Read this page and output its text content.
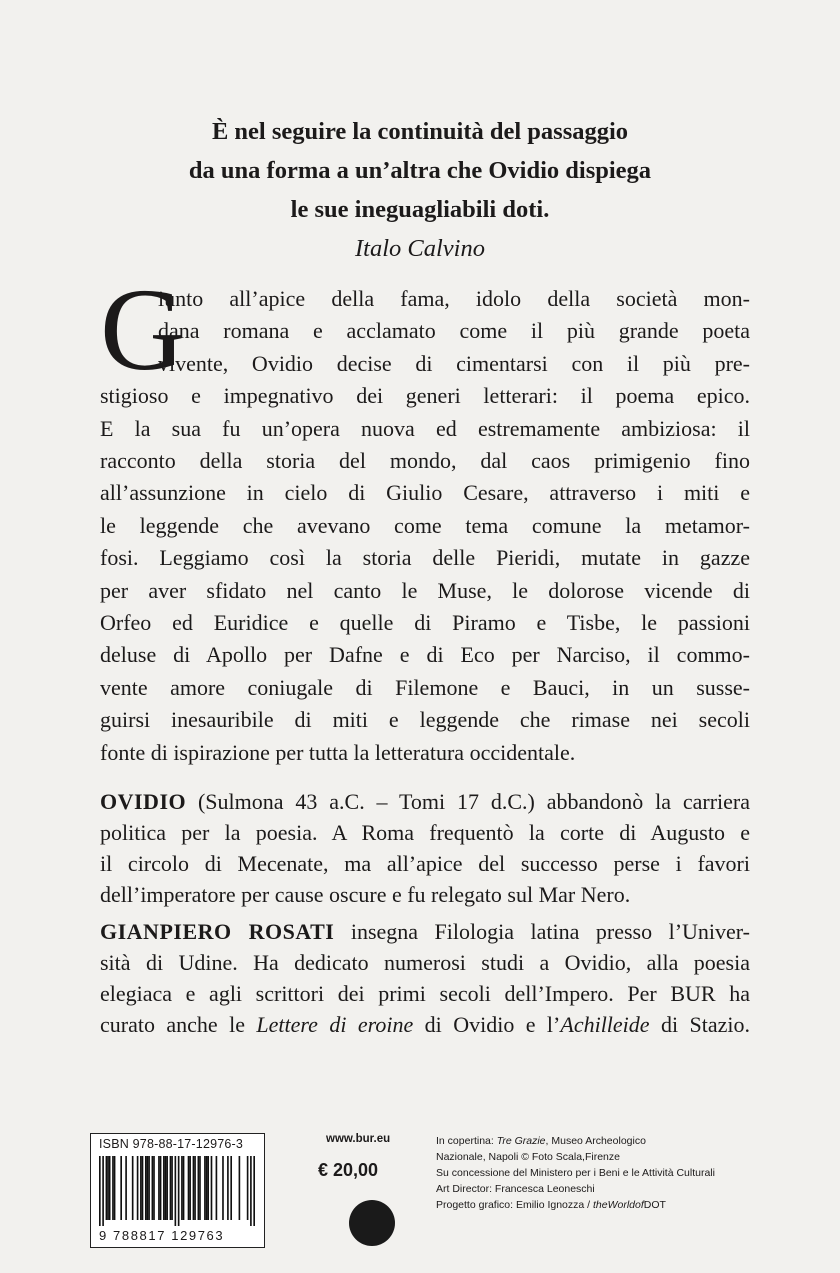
È nel seguire la continuità del passaggio
da una forma a un’altra che Ovidio dispiega
le sue ineguagliabili doti.
Italo Calvino
G
iunto all’apice della fama, idolo della società mon-
dana romana e acclamato come il più grande poeta
vivente, Ovidio decise di cimentarsi con il più pre-
stigioso e impegnativo dei generi letterari: il poema epico.
E la sua fu un’opera nuova ed estremamente ambiziosa: il
racconto della storia del mondo, dal caos primigenio fino
all’assunzione in cielo di Giulio Cesare, attraverso i miti e
le leggende che avevano come tema comune la metamor-
fosi. Leggiamo così la storia delle Pieridi, mutate in gazze
per aver sfidato nel canto le Muse, le dolorose vicende di
Orfeo ed Euridice e quelle di Piramo e Tisbe, le passioni
deluse di Apollo per Dafne e di Eco per Narciso, il commo-
vente amore coniugale di Filemone e Bauci, in un susse-
guirsi inesauribile di miti e leggende che rimase nei secoli
fonte di ispirazione per tutta la letteratura occidentale.
OVIDIO (Sulmona 43 a.C. – Tomi 17 d.C.) abbandonò la carriera
politica per la poesia. A Roma frequentò la corte di Augusto e
il circolo di Mecenate, ma all’apice del successo perse i favori
dell’imperatore per cause oscure e fu relegato sul Mar Nero.
GIANPIERO ROSATI insegna Filologia latina presso l’Univer-
sità di Udine. Ha dedicato numerosi studi a Ovidio, alla poesia
elegiaca e agli scrittori dei primi secoli dell’Impero. Per BUR ha
curato anche le Lettere di eroine di Ovidio e l’Achilleide di Stazio.
ISBN 978-88-17-12976-3
9 788817 129763
www.bur.eu
€ 20,00
In copertina: Tre Grazie, Museo Archeologico
Nazionale, Napoli © Foto Scala,Firenze
Su concessione del Ministero per i Beni e le Attività Culturali
Art Director: Francesca Leoneschi
Progetto grafico: Emilio Ignozza / theWorldofDOT
